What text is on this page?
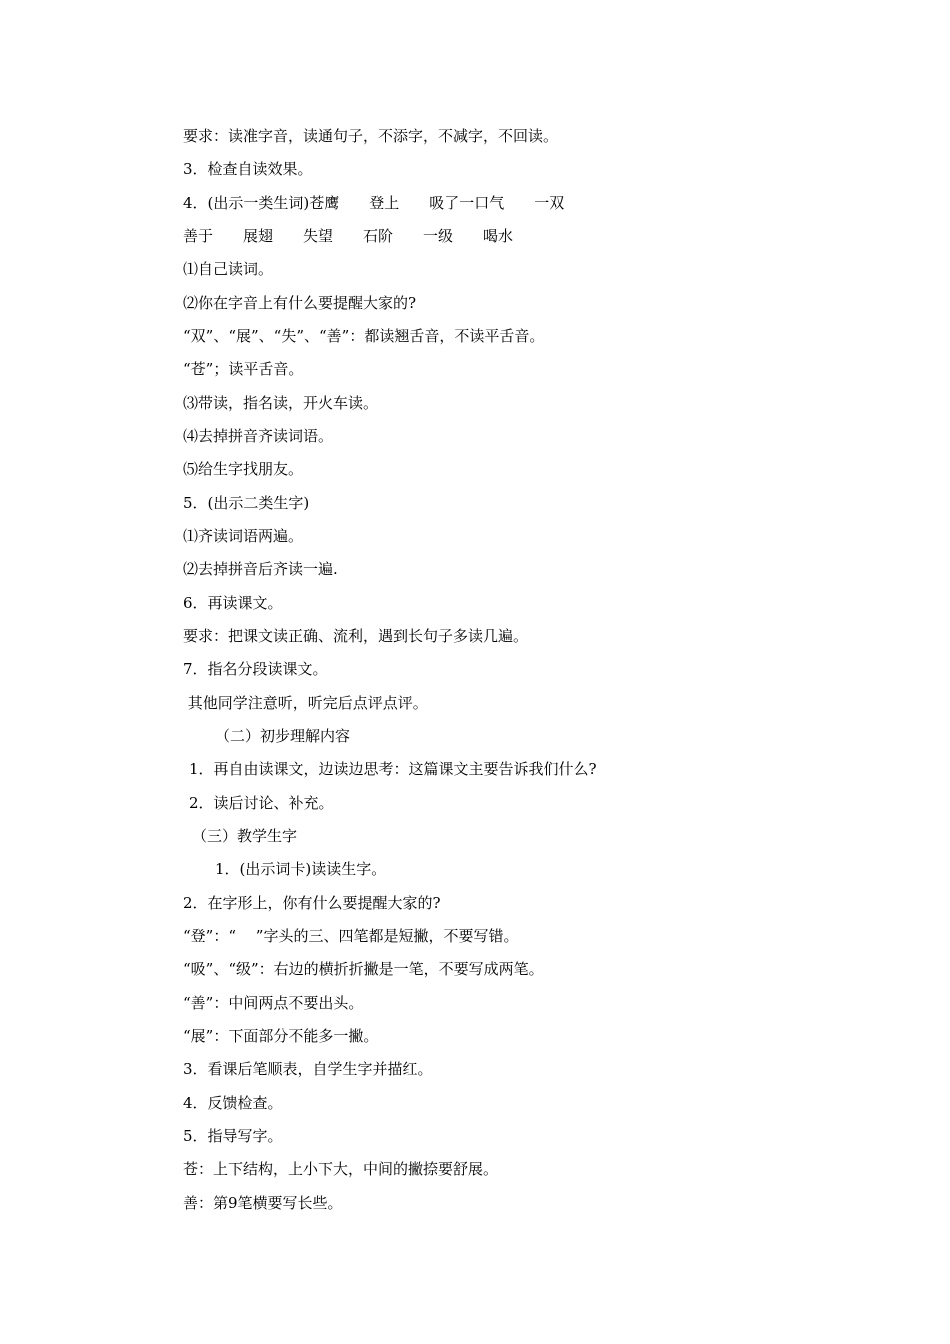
要求：读准字音，读通句子，不添字，不减字，不回读。
3．检查自读效果。
4．(出示一类生词)苍鹰　　登上　　吸了一口气　　一双
善于　　展翅　　失望　　石阶　　一级　　喝水
⑴自己读词。
⑵你在字音上有什么要提醒大家的?
“双”、“展”、“失”、“善”：都读翘舌音，不读平舌音。
“苍”；读平舌音。
⑶带读，指名读，开火车读。
⑷去掉拼音齐读词语。
⑸给生字找朋友。
5．(出示二类生字)
⑴齐读词语两遍。
⑵去掉拼音后齐读一遍.
6．再读课文。
要求：把课文读正确、流利，遇到长句子多读几遍。
7．指名分段读课文。
其他同学注意听，听完后点评点评。
（二）初步理解内容
1．再自由读课文，边读边思考：这篇课文主要告诉我们什么?
2．读后讨论、补充。
（三）教学生字
1．(出示词卡)读读生字。
2．在字形上，你有什么要提醒大家的?
“登”：“　 ”字头的三、四笔都是短撇，不要写错。
“吸”、“级”：右边的横折折撇是一笔，不要写成两笔。
“善”：中间两点不要出头。
“展”：下面部分不能多一撇。
3．看课后笔顺表，自学生字并描红。
4．反馈检查。
5．指导写字。
苍：上下结构，上小下大，中间的撇捺要舒展。
善：第9笔横要写长些。
